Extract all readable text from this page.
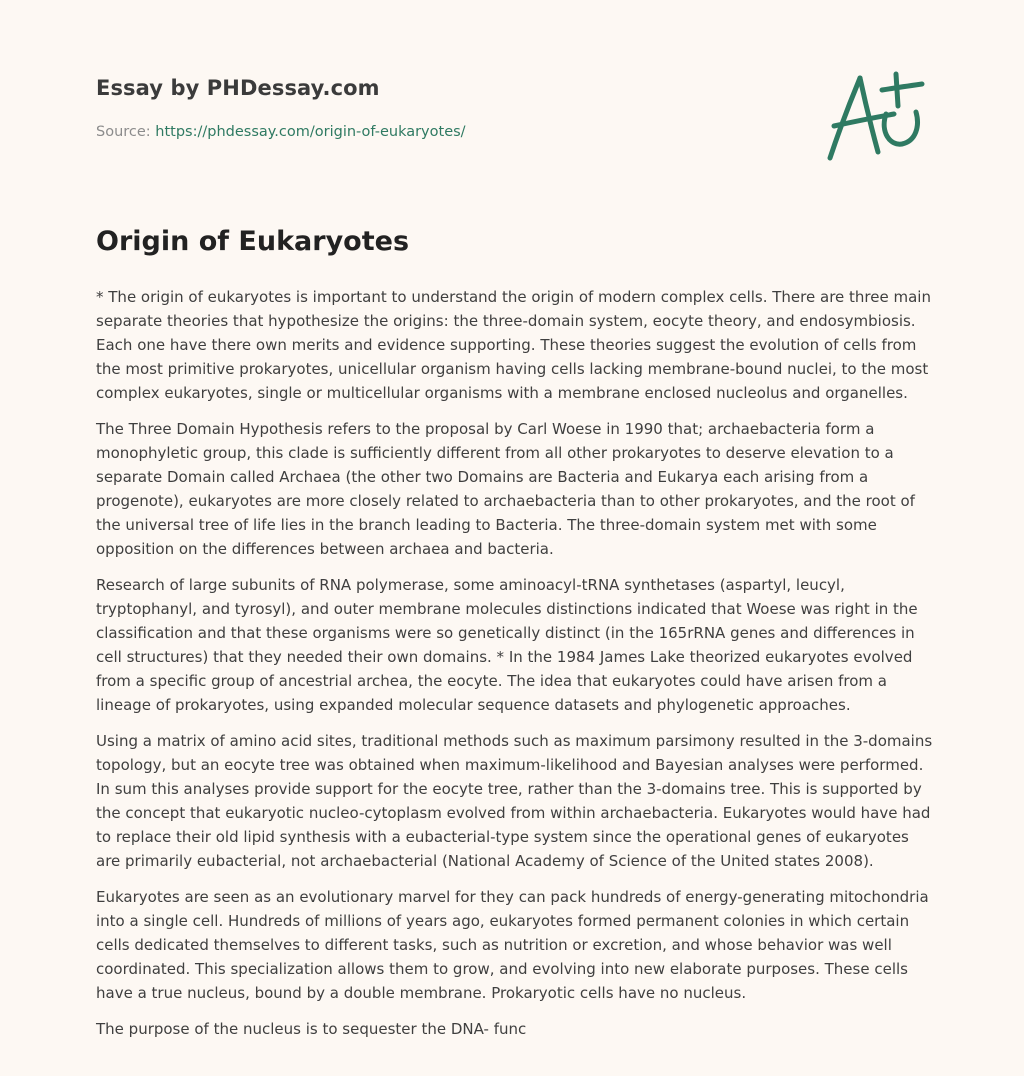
Essay by PHDessay.com
Source: https://phdessay.com/origin-of-eukaryotes/
Origin of Eukaryotes

* The origin of eukaryotes is important to understand the origin of modern complex cells. There are three main separate theories that hypothesize the origins: the three-domain system, eocyte theory, and endosymbiosis. Each one have there own merits and evidence supporting. These theories suggest the evolution of cells from the most primitive prokaryotes, unicellular organism having cells lacking membrane-bound nuclei, to the most complex eukaryotes, single or multicellular organisms with a membrane enclosed nucleolus and organelles.

The Three Domain Hypothesis refers to the proposal by Carl Woese in 1990 that; archaebacteria form a monophyletic group, this clade is sufficiently different from all other prokaryotes to deserve elevation to a separate Domain called Archaea (the other two Domains are Bacteria and Eukarya each arising from a progenote), eukaryotes are more closely related to archaebacteria than to other prokaryotes, and the root of the universal tree of life lies in the branch leading to Bacteria. The three-domain system met with some opposition on the differences between archaea and bacteria.

Research of large subunits of RNA polymerase, some aminoacyl-tRNA synthetases (aspartyl, leucyl, tryptophanyl, and tyrosyl), and outer membrane molecules distinctions indicated that Woese was right in the classification and that these organisms were so genetically distinct (in the 165rRNA genes and differences in cell structures) that they needed their own domains. * In the 1984 James Lake theorized eukaryotes evolved from a specific group of ancestrial archea, the eocyte. The idea that eukaryotes could have arisen from a lineage of prokaryotes, using expanded molecular sequence datasets and phylogenetic approaches.

Using a matrix of amino acid sites, traditional methods such as maximum parsimony resulted in the 3-domains topology, but an eocyte tree was obtained when maximum-likelihood and Bayesian analyses were performed. In sum this analyses provide support for the eocyte tree, rather than the 3-domains tree. This is supported by the concept that eukaryotic nucleo-cytoplasm evolved from within archaebacteria. Eukaryotes would have had to replace their old lipid synthesis with a eubacterial-type system since the operational genes of eukaryotes are primarily eubacterial, not archaebacterial (National Academy of Science of the United states 2008).

Eukaryotes are seen as an evolutionary marvel for they can pack hundreds of energy-generating mitochondria into a single cell. Hundreds of millions of years ago, eukaryotes formed permanent colonies in which certain cells dedicated themselves to different tasks, such as nutrition or excretion, and whose behavior was well coordinated. This specialization allows them to grow, and evolving into new elaborate purposes. These cells have a true nucleus, bound by a double membrane. Prokaryotic cells have no nucleus.

The purpose of the nucleus is to sequester the DNA- func
